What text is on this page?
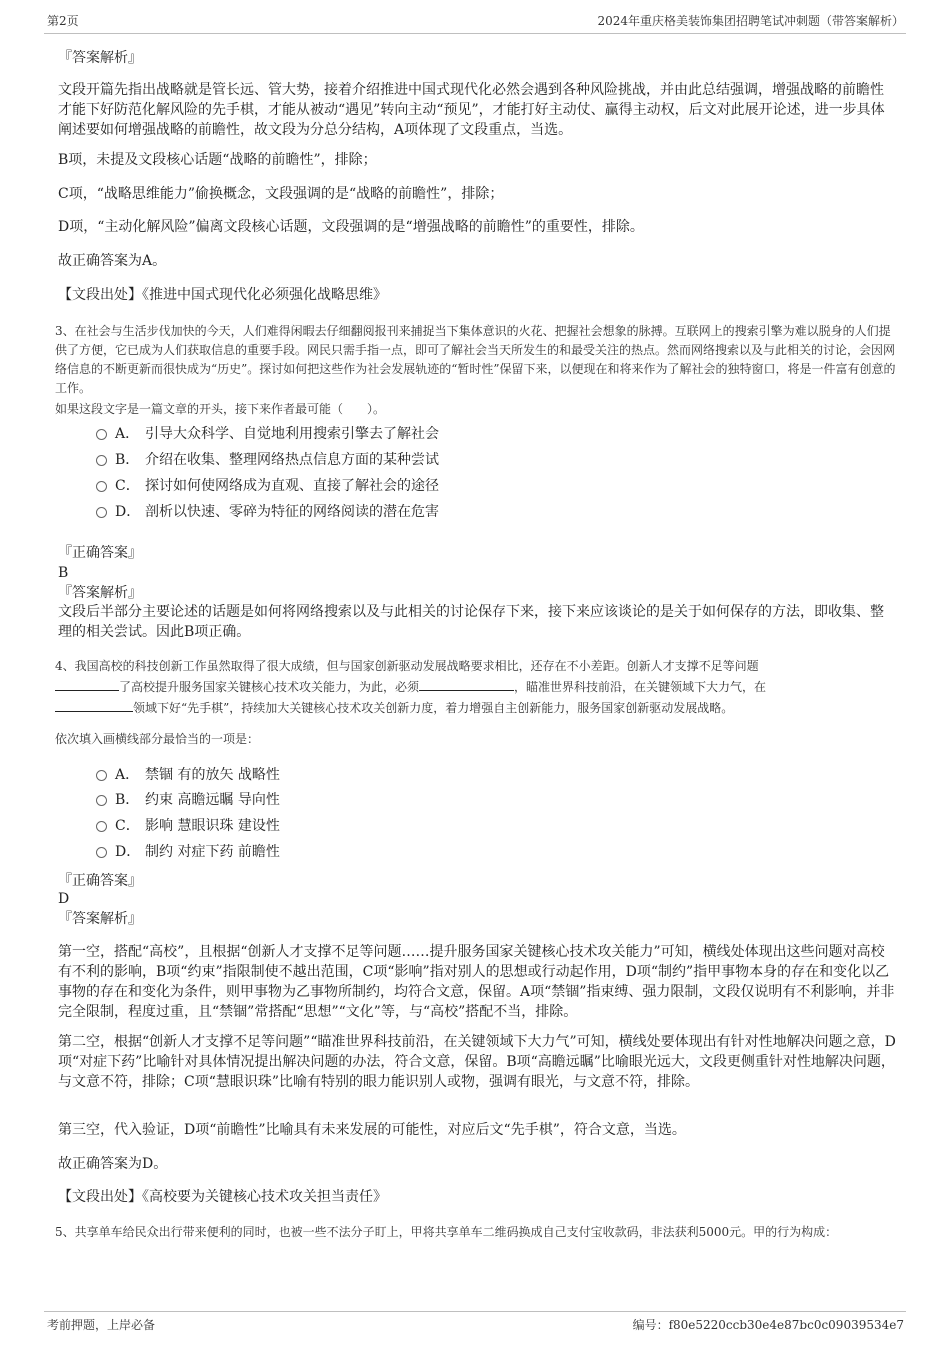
第2页	2024年重庆格美装饰集团招聘笔试冲刺题（带答案解析）
『答案解析』
文段开篇先指出战略就是管长远、管大势，接着介绍推进中国式现代化必然会遇到各种风险挑战，并由此总结强调，增强战略的前瞻性才能下好防范化解风险的先手棋，才能从被动“遇见”转向主动“预见”，才能打好主动仗、赢得主动权，后文对此展开论述，进一步具体阐述要如何增强战略的前瞻性，故文段为分总分结构，A项体现了文段重点，当选。
B项，未提及文段核心话题“战略的前瞻性”，排除；
C项，“战略思维能力”偷换概念，文段强调的是“战略的前瞻性”，排除；
D项，“主动化解风险”偏离文段核心话题，文段强调的是“增强战略的前瞻性”的重要性，排除。
故正确答案为A。
【文段出处】《推进中国式现代化必须强化战略思维》
3、在社会与生活步伐加快的今天，人们难得闲暇去仔细翻阅报刊来捕捉当下集体意识的火花、把握社会想象的脉搏。互联网上的搜索引擎为难以脱身的人们提供了方便，它已成为人们获取信息的重要手段。网民只需手指一点，即可了解社会当天所发生的和最受关注的热点。然而网络搜索以及与此相关的讨论，会因网络信息的不断更新而很快成为“历史”。探讨如何把这些作为社会发展轨迹的“暂时性”保留下来，以便现在和将来作为了解社会的独特窗口，将是一件富有创意的工作。
如果这段文字是一篇文章的开头，接下来作者最可能（　　）。
A． 引导大众科学、自觉地利用搜索引擎去了解社会
B． 介绍在收集、整理网络热点信息方面的某种尝试
C． 探讨如何使网络成为直观、直接了解社会的途径
D． 剖析以快速、零碎为特征的网络阅读的潜在危害
『正确答案』
B
『答案解析』
文段后半部分主要论述的话题是如何将网络搜索以及与此相关的讨论保存下来，接下来应该谈论的是关于如何保存的方法，即收集、整理的相关尝试。因此B项正确。
4、我国高校的科技创新工作虽然取得了很大成绩，但与国家创新驱动发展战略要求相比，还存在不小差距。创新人才支撑不足等问题
了高校提升服务国家关键核心技术攻关能力，为此，必须	，瞄准世界科技前沿，在关键领域下大力气，在
领域下好“先手棋”，持续加大关键核心技术攻关创新力度，着力增强自主创新能力，服务国家创新驱动发展战略。
依次填入画横线部分最恰当的一项是：
A． 禁锢 有的放矢 战略性
B． 约束 高瞻远瞩 导向性
C． 影响 慧眼识珠 建设性
D． 制约 对症下药 前瞻性
『正确答案』
D
『答案解析』
第一空，搭配“高校”，且根据“创新人才支撑不足等问题……提升服务国家关键核心技术攻关能力”可知，横线处体现出这些问题对高校有不利的影响，B项“约束”指限制使不越出范围，C项“影响”指对别人的思想或行动起作用，D项“制约”指甲事物本身的存在和变化以乙事物的存在和变化为条件，则甲事物为乙事物所制约，均符合文意，保留。A项“禁锢”指束缚、强力限制，文段仅说明有不利影响，并非完全限制，程度过重，且“禁锢”常搭配“思想”“文化”等，与“高校”搭配不当，排除。
第二空，根据“创新人才支撑不足等问题”“瞄准世界科技前沿，在关键领域下大力气”可知，横线处要体现出有针对性地解决问题之意，D项“对症下药”比喻针对具体情况提出解决问题的办法，符合文意，保留。B项“高瞻远瞩”比喻眼光远大，文段更侧重针对性地解决问题，与文意不符，排除；C项“慧眼识珠”比喻有特别的眼力能识别人或物，强调有眼光，与文意不符，排除。
第三空，代入验证，D项“前瞻性”比喻具有未来发展的可能性，对应后文“先手棋”，符合文意，当选。
故正确答案为D。
【文段出处】《高校要为关键核心技术攻关担当责任》
5、共享单车给民众出行带来便利的同时，也被一些不法分子盯上，甲将共享单车二维码换成自己支付宝收款码，非法获利5000元。甲的行为构成：
考前押题，上岸必备	编号：f80e5220ccb30e4e87bc0c09039534e7
